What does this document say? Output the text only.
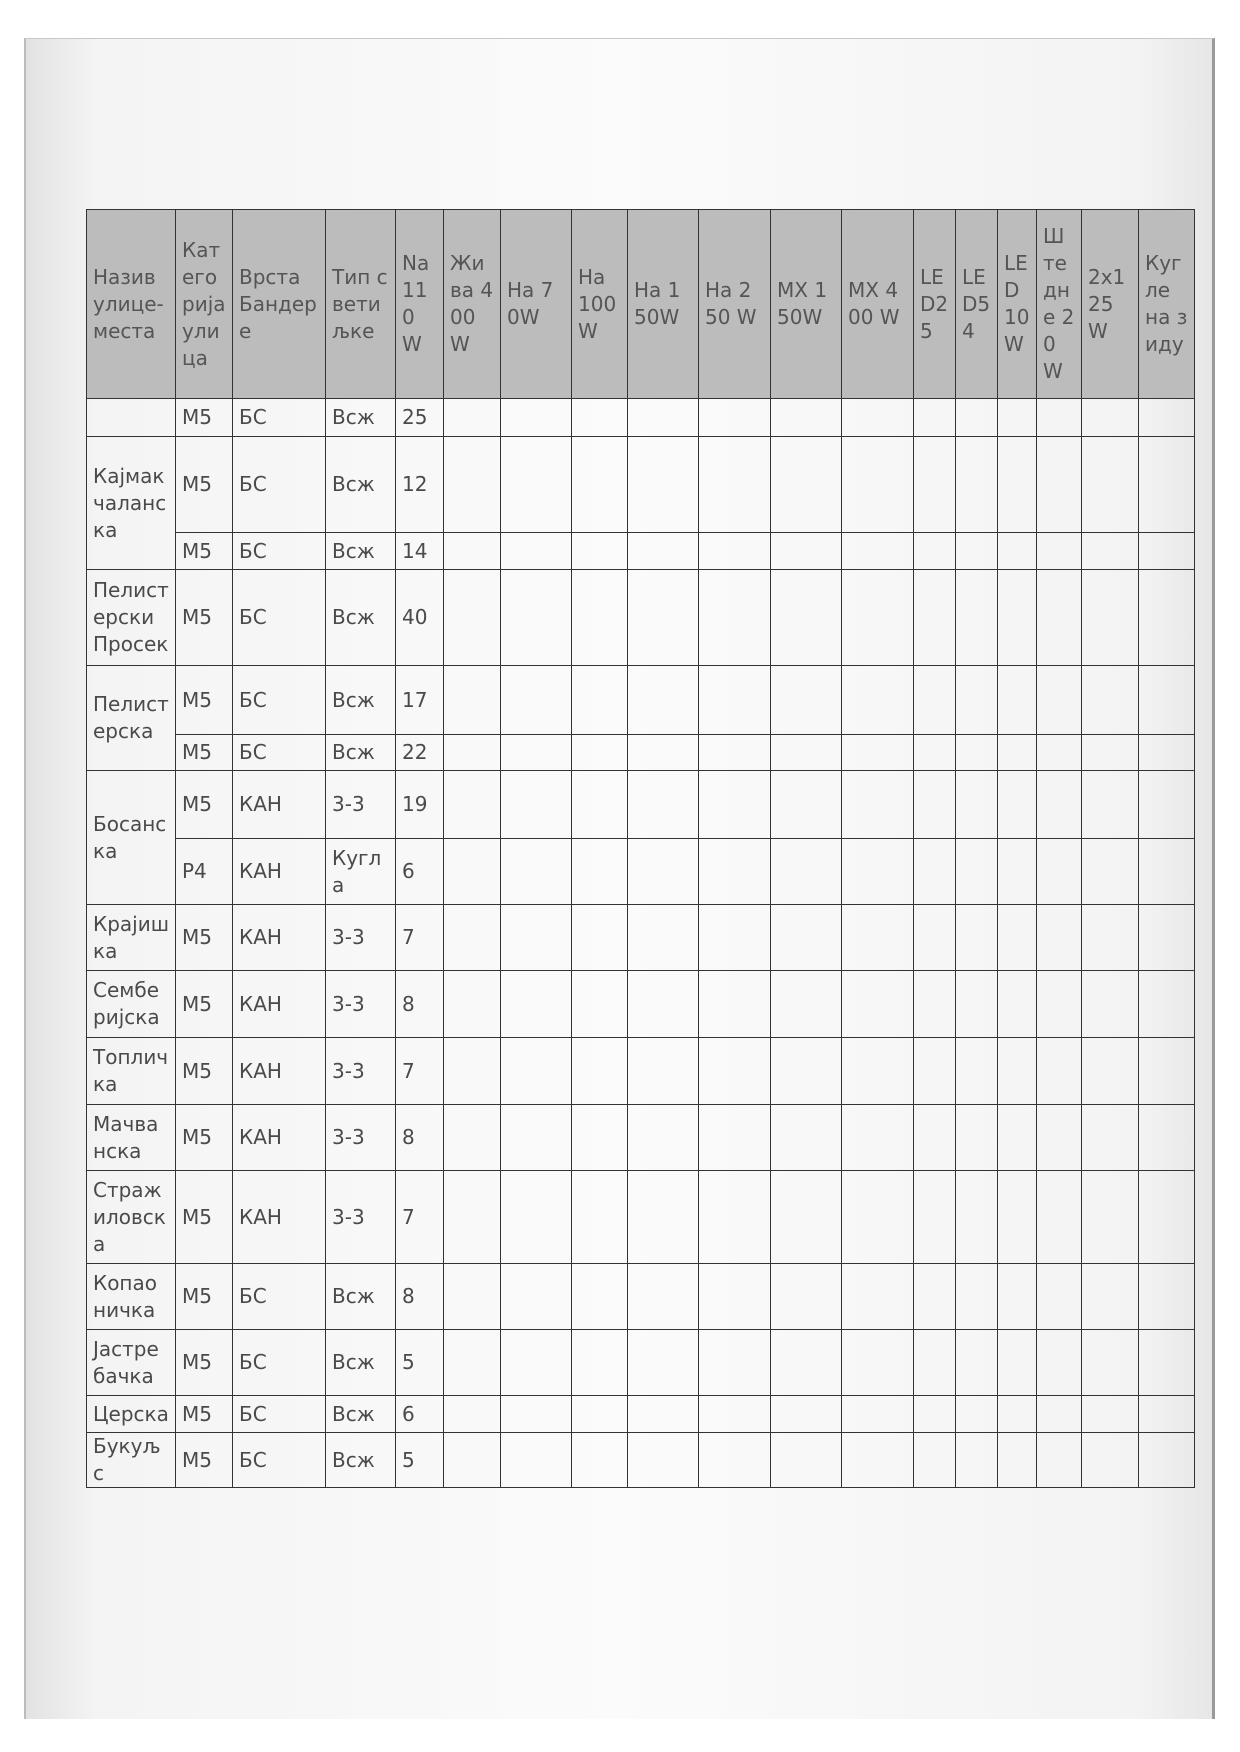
Назив улице-места	Категорија улица	Врста Бандере	Тип светиљке	Na 110 W	Жива 400 W	На 70W	На 100 W	На 150W	На 250 W	MX 150W	MX 400 W	LED2 5	LED5 4	LED 10 W	Штедне 20 W	2x125 W	Кугле на зиду
	M5	БС	Всж	25													
Кајмакчаланска	M5	БС	Всж	12													
	M5	БС	Всж	14													
Пелистерски Просек	M5	БС	Всж	40													
Пелистерска	M5	БС	Всж	17													
	M5	БС	Всж	22													
Босанска	M5	КАН	3-3	19													
	P4	КАН	Кугла	6													
Крајишка	M5	КАН	3-3	7													
Сембериjска	M5	КАН	3-3	8													
Топличка	M5	КАН	3-3	7													
Мачванска	M5	КАН	3-3	8													
Стражиловска	M5	КАН	3-3	7													
Копаоничка	M5	БС	Всж	8													
Јастребачка	M5	БС	Всж	5													
Церска	M5	БС	Всж	6													
Букуљс	M5	БС	Всж	5													
